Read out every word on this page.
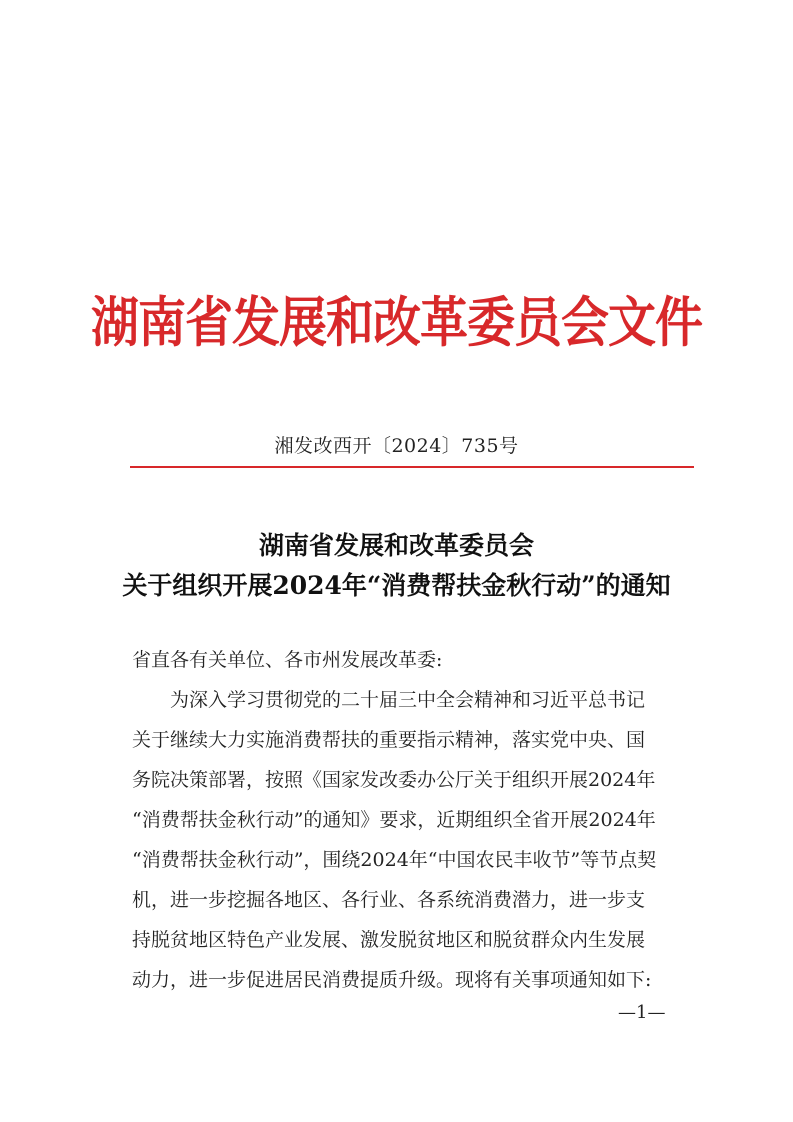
湖南省发展和改革委员会文件
湘发改西开〔2024〕735号
湖南省发展和改革委员会
关于组织开展2024年“消费帮扶金秋行动”的通知
省直各有关单位、各市州发展改革委:
为深入学习贯彻党的二十届三中全会精神和习近平总书记
关于继续大力实施消费帮扶的重要指示精神，落实党中央、国
务院决策部署，按照《国家发改委办公厅关于组织开展2024年
“消费帮扶金秋行动”的通知》要求，近期组织全省开展2024年
“消费帮扶金秋行动”，围绕2024年“中国农民丰收节”等节点契
机，进一步挖掘各地区、各行业、各系统消费潜力，进一步支
持脱贫地区特色产业发展、激发脱贫地区和脱贫群众内生发展
动力，进一步促进居民消费提质升级。现将有关事项通知如下:
—1—
